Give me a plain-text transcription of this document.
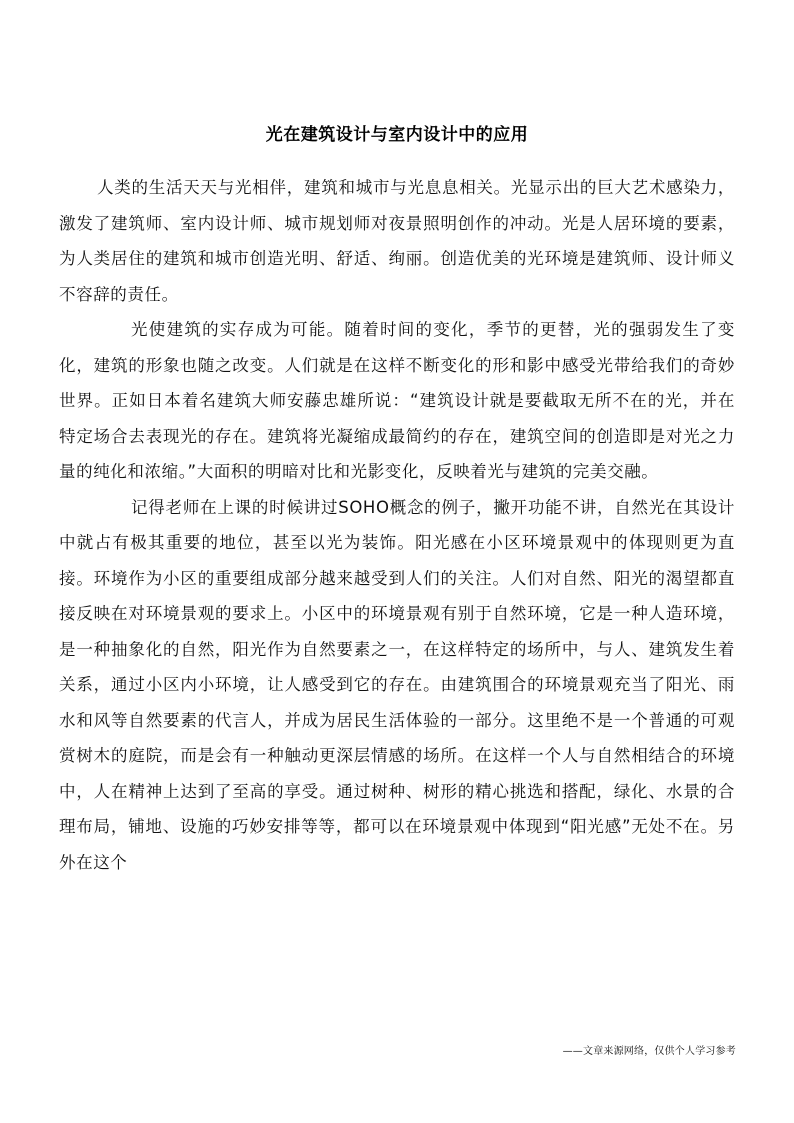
光在建筑设计与室内设计中的应用

人类的生活天天与光相伴，建筑和城市与光息息相关。光显示出的巨大艺术感染力，激发了建筑师、室内设计师、城市规划师对夜景照明创作的冲动。光是人居环境的要素，为人类居住的建筑和城市创造光明、舒适、绚丽。创造优美的光环境是建筑师、设计师义不容辞的责任。

光使建筑的实存成为可能。随着时间的变化，季节的更替，光的强弱发生了变化，建筑的形象也随之改变。人们就是在这样不断变化的形和影中感受光带给我们的奇妙世界。正如日本着名建筑大师安藤忠雄所说：“建筑设计就是要截取无所不在的光，并在特定场合去表现光的存在。建筑将光凝缩成最简约的存在，建筑空间的创造即是对光之力量的纯化和浓缩。”大面积的明暗对比和光影变化，反映着光与建筑的完美交融。

记得老师在上课的时候讲过SOHO概念的例子，撇开功能不讲，自然光在其设计中就占有极其重要的地位，甚至以光为装饰。阳光感在小区环境景观中的体现则更为直接。环境作为小区的重要组成部分越来越受到人们的关注。人们对自然、阳光的渴望都直接反映在对环境景观的要求上。小区中的环境景观有别于自然环境，它是一种人造环境，是一种抽象化的自然，阳光作为自然要素之一，在这样特定的场所中，与人、建筑发生着关系，通过小区内小环境，让人感受到它的存在。由建筑围合的环境景观充当了阳光、雨水和风等自然要素的代言人，并成为居民生活体验的一部分。这里绝不是一个普通的可观赏树木的庭院，而是会有一种触动更深层情感的场所。在这样一个人与自然相结合的环境中，人在精神上达到了至高的享受。通过树种、树形的精心挑选和搭配，绿化、水景的合理布局，铺地、设施的巧妙安排等等，都可以在环境景观中体现到“阳光感”无处不在。另外在这个

——文章来源网络，仅供个人学习参考
